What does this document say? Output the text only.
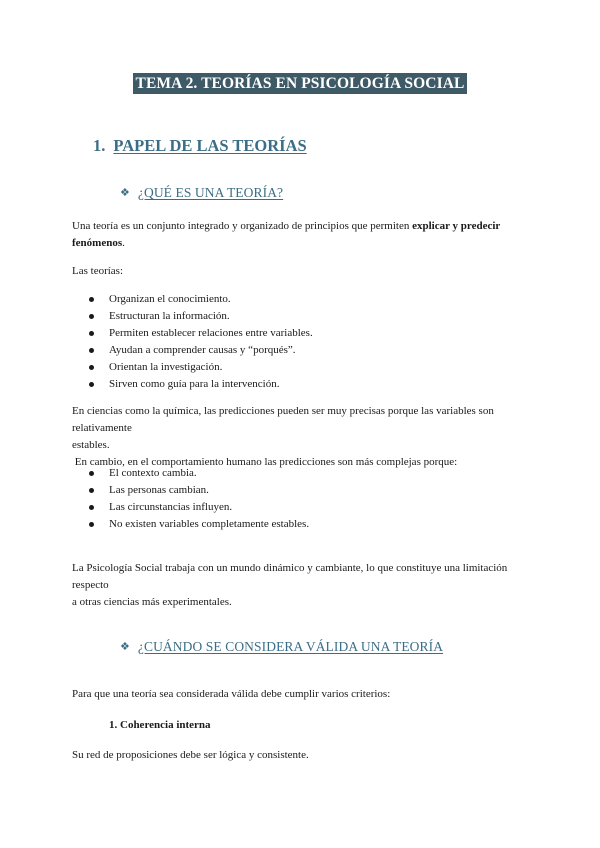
TEMA 2. TEORÍAS EN PSICOLOGÍA SOCIAL
1. PAPEL DE LAS TEORÍAS
❖ ¿QUÉ ES UNA TEORÍA?
Una teoría es un conjunto integrado y organizado de principios que permiten explicar y predecir
fenómenos.
Las teorías:
Organizan el conocimiento.
Estructuran la información.
Permiten establecer relaciones entre variables.
Ayudan a comprender causas y “porqués”.
Orientan la investigación.
Sirven como guía para la intervención.
En ciencias como la química, las predicciones pueden ser muy precisas porque las variables son relativamente
estables.
En cambio, en el comportamiento humano las predicciones son más complejas porque:
El contexto cambia.
Las personas cambian.
Las circunstancias influyen.
No existen variables completamente estables.
La Psicología Social trabaja con un mundo dinámico y cambiante, lo que constituye una limitación respecto
a otras ciencias más experimentales.
❖ ¿CUÁNDO SE CONSIDERA VÁLIDA UNA TEORÍA
Para que una teoría sea considerada válida debe cumplir varios criterios:
1. Coherencia interna
Su red de proposiciones debe ser lógica y consistente.
